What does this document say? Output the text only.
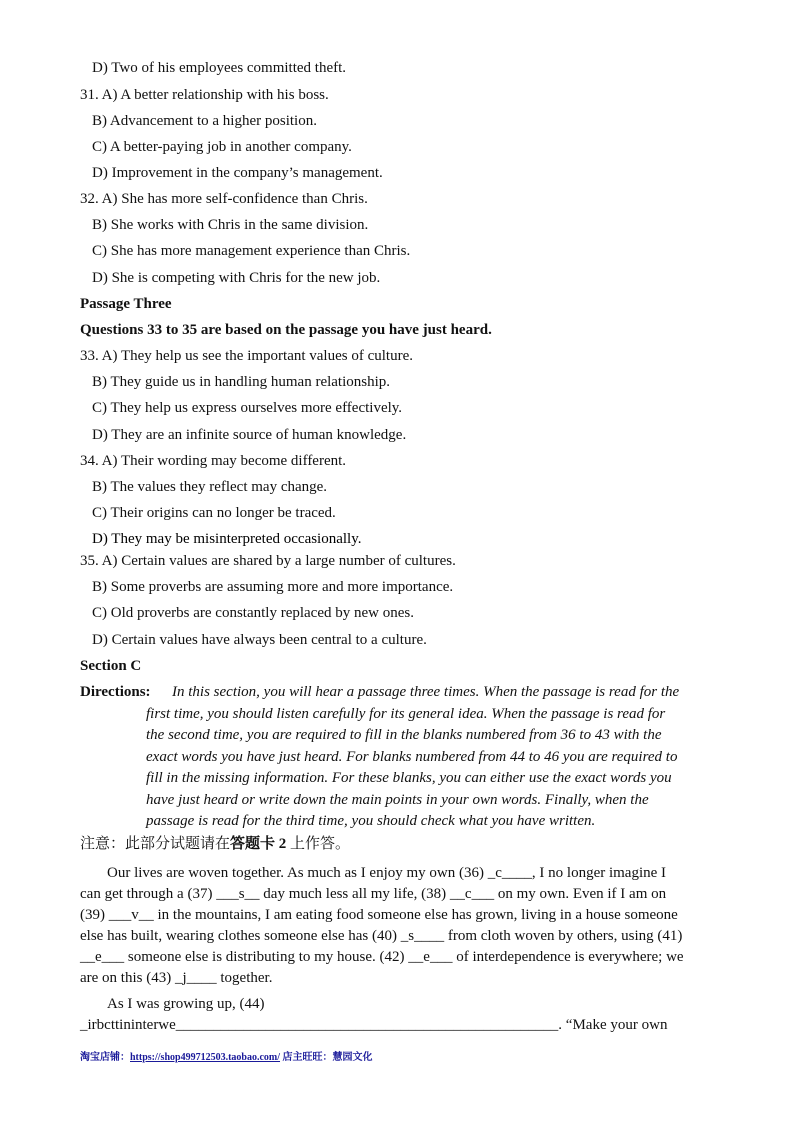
D) Two of his employees committed theft.
31. A) A better relationship with his boss.
B) Advancement to a higher position.
C) A better-paying job in another company.
D) Improvement in the company’s management.
32. A) She has more self-confidence than Chris.
B) She works with Chris in the same division.
C) She has more management experience than Chris.
D) She is competing with Chris for the new job.
Passage Three
Questions 33 to 35 are based on the passage you have just heard.
33. A) They help us see the important values of culture.
B) They guide us in handling human relationship.
C) They help us express ourselves more effectively.
D) They are an infinite source of human knowledge.
34. A) Their wording may become different.
B) The values they reflect may change.
C) Their origins can no longer be traced.
D) They may be misinterpreted occasionally.
35. A) Certain values are shared by a large number of cultures.
B) Some proverbs are assuming more and more importance.
C) Old proverbs are constantly replaced by new ones.
D) Certain values have always been central to a culture.
Section C
Directions: In this section, you will hear a passage three times. When the passage is read for the
first time, you should listen carefully for its general idea. When the passage is read for
the second time, you are required to fill in the blanks numbered from 36 to 43 with the
exact words you have just heard. For blanks numbered from 44 to 46 you are required to
fill in the missing information. For these blanks, you can either use the exact words you
have just heard or write down the main points in your own words. Finally, when the
passage is read for the third time, you should check what you have written.
注意：此部分试题请在答题卡 2 上作答。
Our lives are woven together. As much as I enjoy my own (36) _c____, I no longer imagine I
can get through a (37) ___s__ day much less all my life, (38) __c___ on my own. Even if I am on
(39) ___v__ in the mountains, I am eating food someone else has grown, living in a house someone
else has built, wearing clothes someone else has (40) _s____ from cloth woven by others, using (41)
__e___ someone else is distributing to my house. (42) __e___ of interdependence is everywhere; we
are on this (43) _j____ together.
As I was growing up, (44)
_irbcttininterwe___________________________________________________. “Make your own
淘宝店铺：https://shop499712503.taobao.com/ 店主旺旺：慧园文化
